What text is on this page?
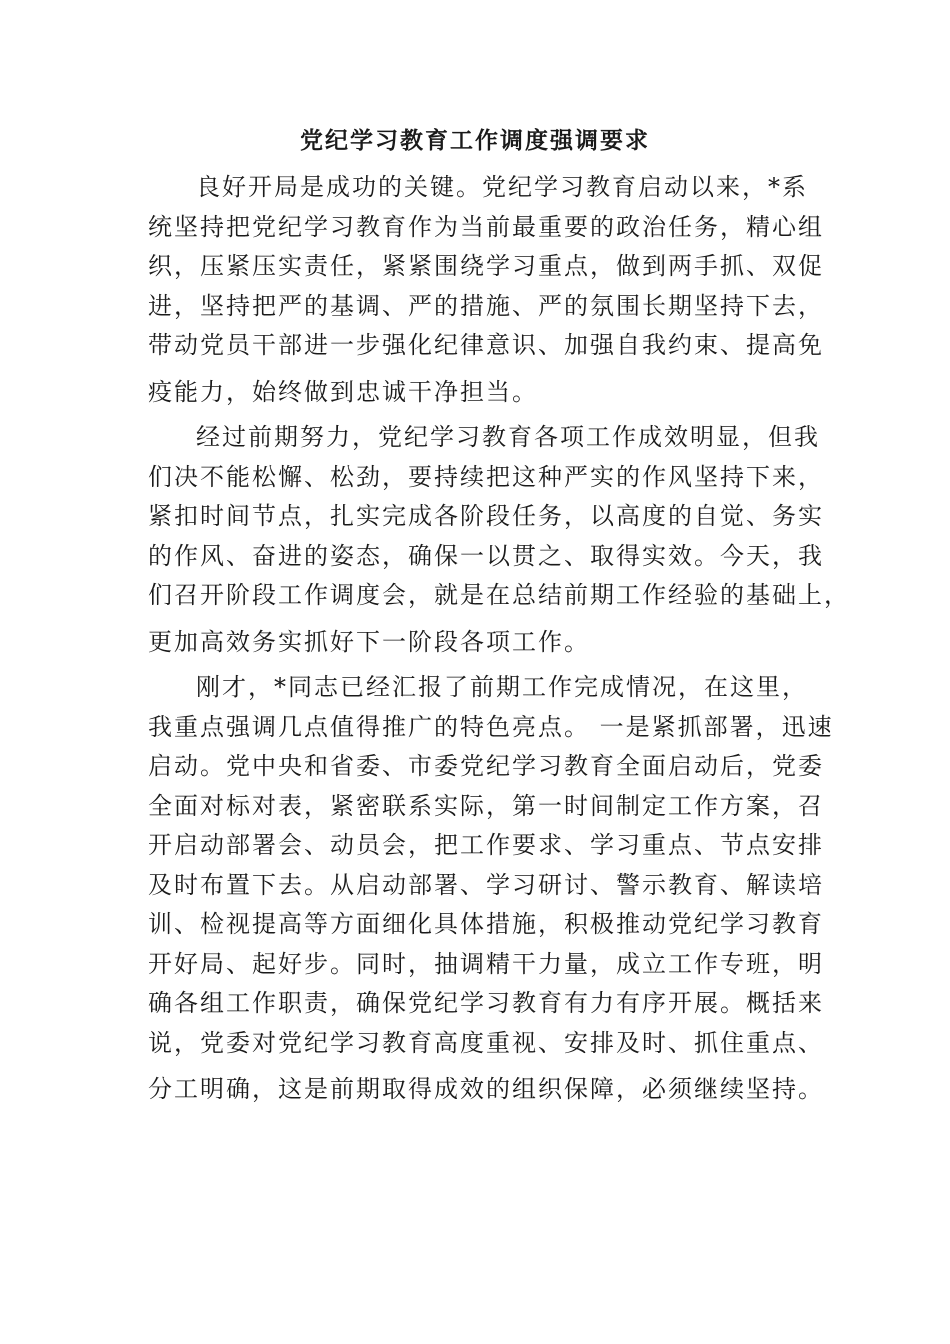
党纪学习教育工作调度强调要求
良好开局是成功的关键。党纪学习教育启动以来，*系
统坚持把党纪学习教育作为当前最重要的政治任务，精心组
织，压紧压实责任，紧紧围绕学习重点，做到两手抓、双促
进，坚持把严的基调、严的措施、严的氛围长期坚持下去，
带动党员干部进一步强化纪律意识、加强自我约束、提高免
疫能力，始终做到忠诚干净担当。
经过前期努力，党纪学习教育各项工作成效明显，但我
们决不能松懈、松劲，要持续把这种严实的作风坚持下来，
紧扣时间节点，扎实完成各阶段任务，以高度的自觉、务实
的作风、奋进的姿态，确保一以贯之、取得实效。今天，我
们召开阶段工作调度会，就是在总结前期工作经验的基础上，
更加高效务实抓好下一阶段各项工作。
刚才，*同志已经汇报了前期工作完成情况，在这里，
我重点强调几点值得推广的特色亮点。 一是紧抓部署，迅速
启动。党中央和省委、市委党纪学习教育全面启动后，党委
全面对标对表，紧密联系实际，第一时间制定工作方案，召
开启动部署会、动员会，把工作要求、学习重点、节点安排
及时布置下去。从启动部署、学习研讨、警示教育、解读培
训、检视提高等方面细化具体措施，积极推动党纪学习教育
开好局、起好步。同时，抽调精干力量，成立工作专班，明
确各组工作职责，确保党纪学习教育有力有序开展。概括来
说，党委对党纪学习教育高度重视、安排及时、抓住重点、
分工明确，这是前期取得成效的组织保障，必须继续坚持。
